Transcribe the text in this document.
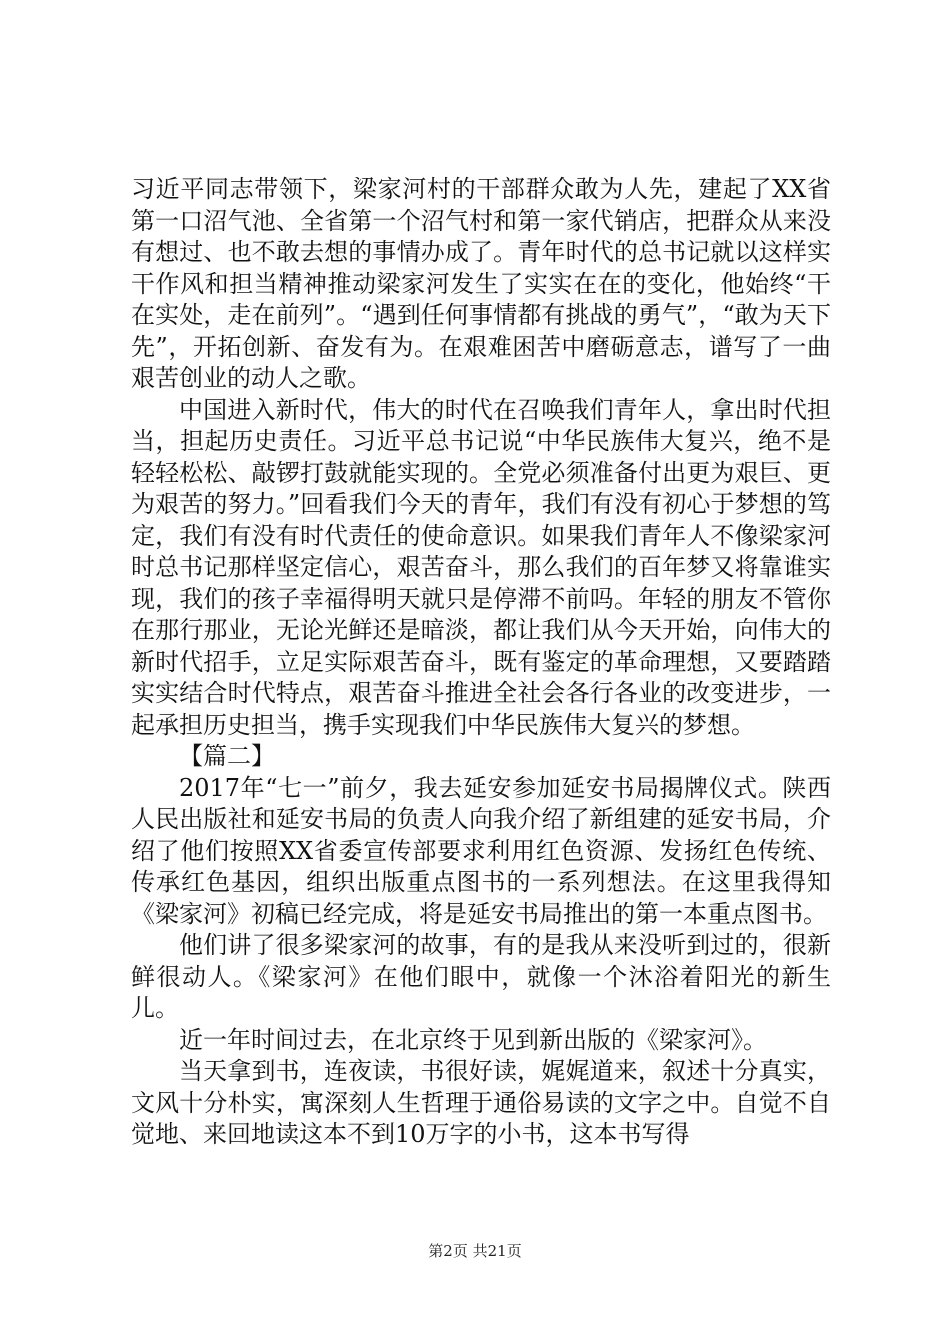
习近平同志带领下，梁家河村的干部群众敢为人先，建起了XX省第一口沼气池、全省第一个沼气村和第一家代销店，把群众从来没有想过、也不敢去想的事情办成了。青年时代的总书记就以这样实干作风和担当精神推动梁家河发生了实实在在的变化，他始终“干在实处，走在前列”。“遇到任何事情都有挑战的勇气”，“敢为天下先”，开拓创新、奋发有为。在艰难困苦中磨砺意志，谱写了一曲艰苦创业的动人之歌。

中国进入新时代，伟大的时代在召唤我们青年人，拿出时代担当，担起历史责任。习近平总书记说“中华民族伟大复兴，绝不是轻轻松松、敲锣打鼓就能实现的。全党必须准备付出更为艰巨、更为艰苦的努力。”回看我们今天的青年，我们有没有初心于梦想的笃定，我们有没有时代责任的使命意识。如果我们青年人不像梁家河时总书记那样坚定信心，艰苦奋斗，那么我们的百年梦又将靠谁实现，我们的孩子幸福得明天就只是停滞不前吗。年轻的朋友不管你在那行那业，无论光鲜还是暗淡，都让我们从今天开始，向伟大的新时代招手，立足实际艰苦奋斗，既有鉴定的革命理想，又要踏踏实实结合时代特点，艰苦奋斗推进全社会各行各业的改变进步，一起承担历史担当，携手实现我们中华民族伟大复兴的梦想。

【篇二】

2017年“七一”前夕，我去延安参加延安书局揭牌仪式。陕西人民出版社和延安书局的负责人向我介绍了新组建的延安书局，介绍了他们按照XX省委宣传部要求利用红色资源、发扬红色传统、传承红色基因，组织出版重点图书的一系列想法。在这里我得知《梁家河》初稿已经完成，将是延安书局推出的第一本重点图书。

他们讲了很多梁家河的故事，有的是我从来没听到过的，很新鲜很动人。《梁家河》在他们眼中，就像一个沐浴着阳光的新生儿。

近一年时间过去，在北京终于见到新出版的《梁家河》。

当天拿到书，连夜读，书很好读，娓娓道来，叙述十分真实，文风十分朴实，寓深刻人生哲理于通俗易读的文字之中。自觉不自觉地、来回地读这本不到10万字的小书，这本书写得

第2页 共21页
